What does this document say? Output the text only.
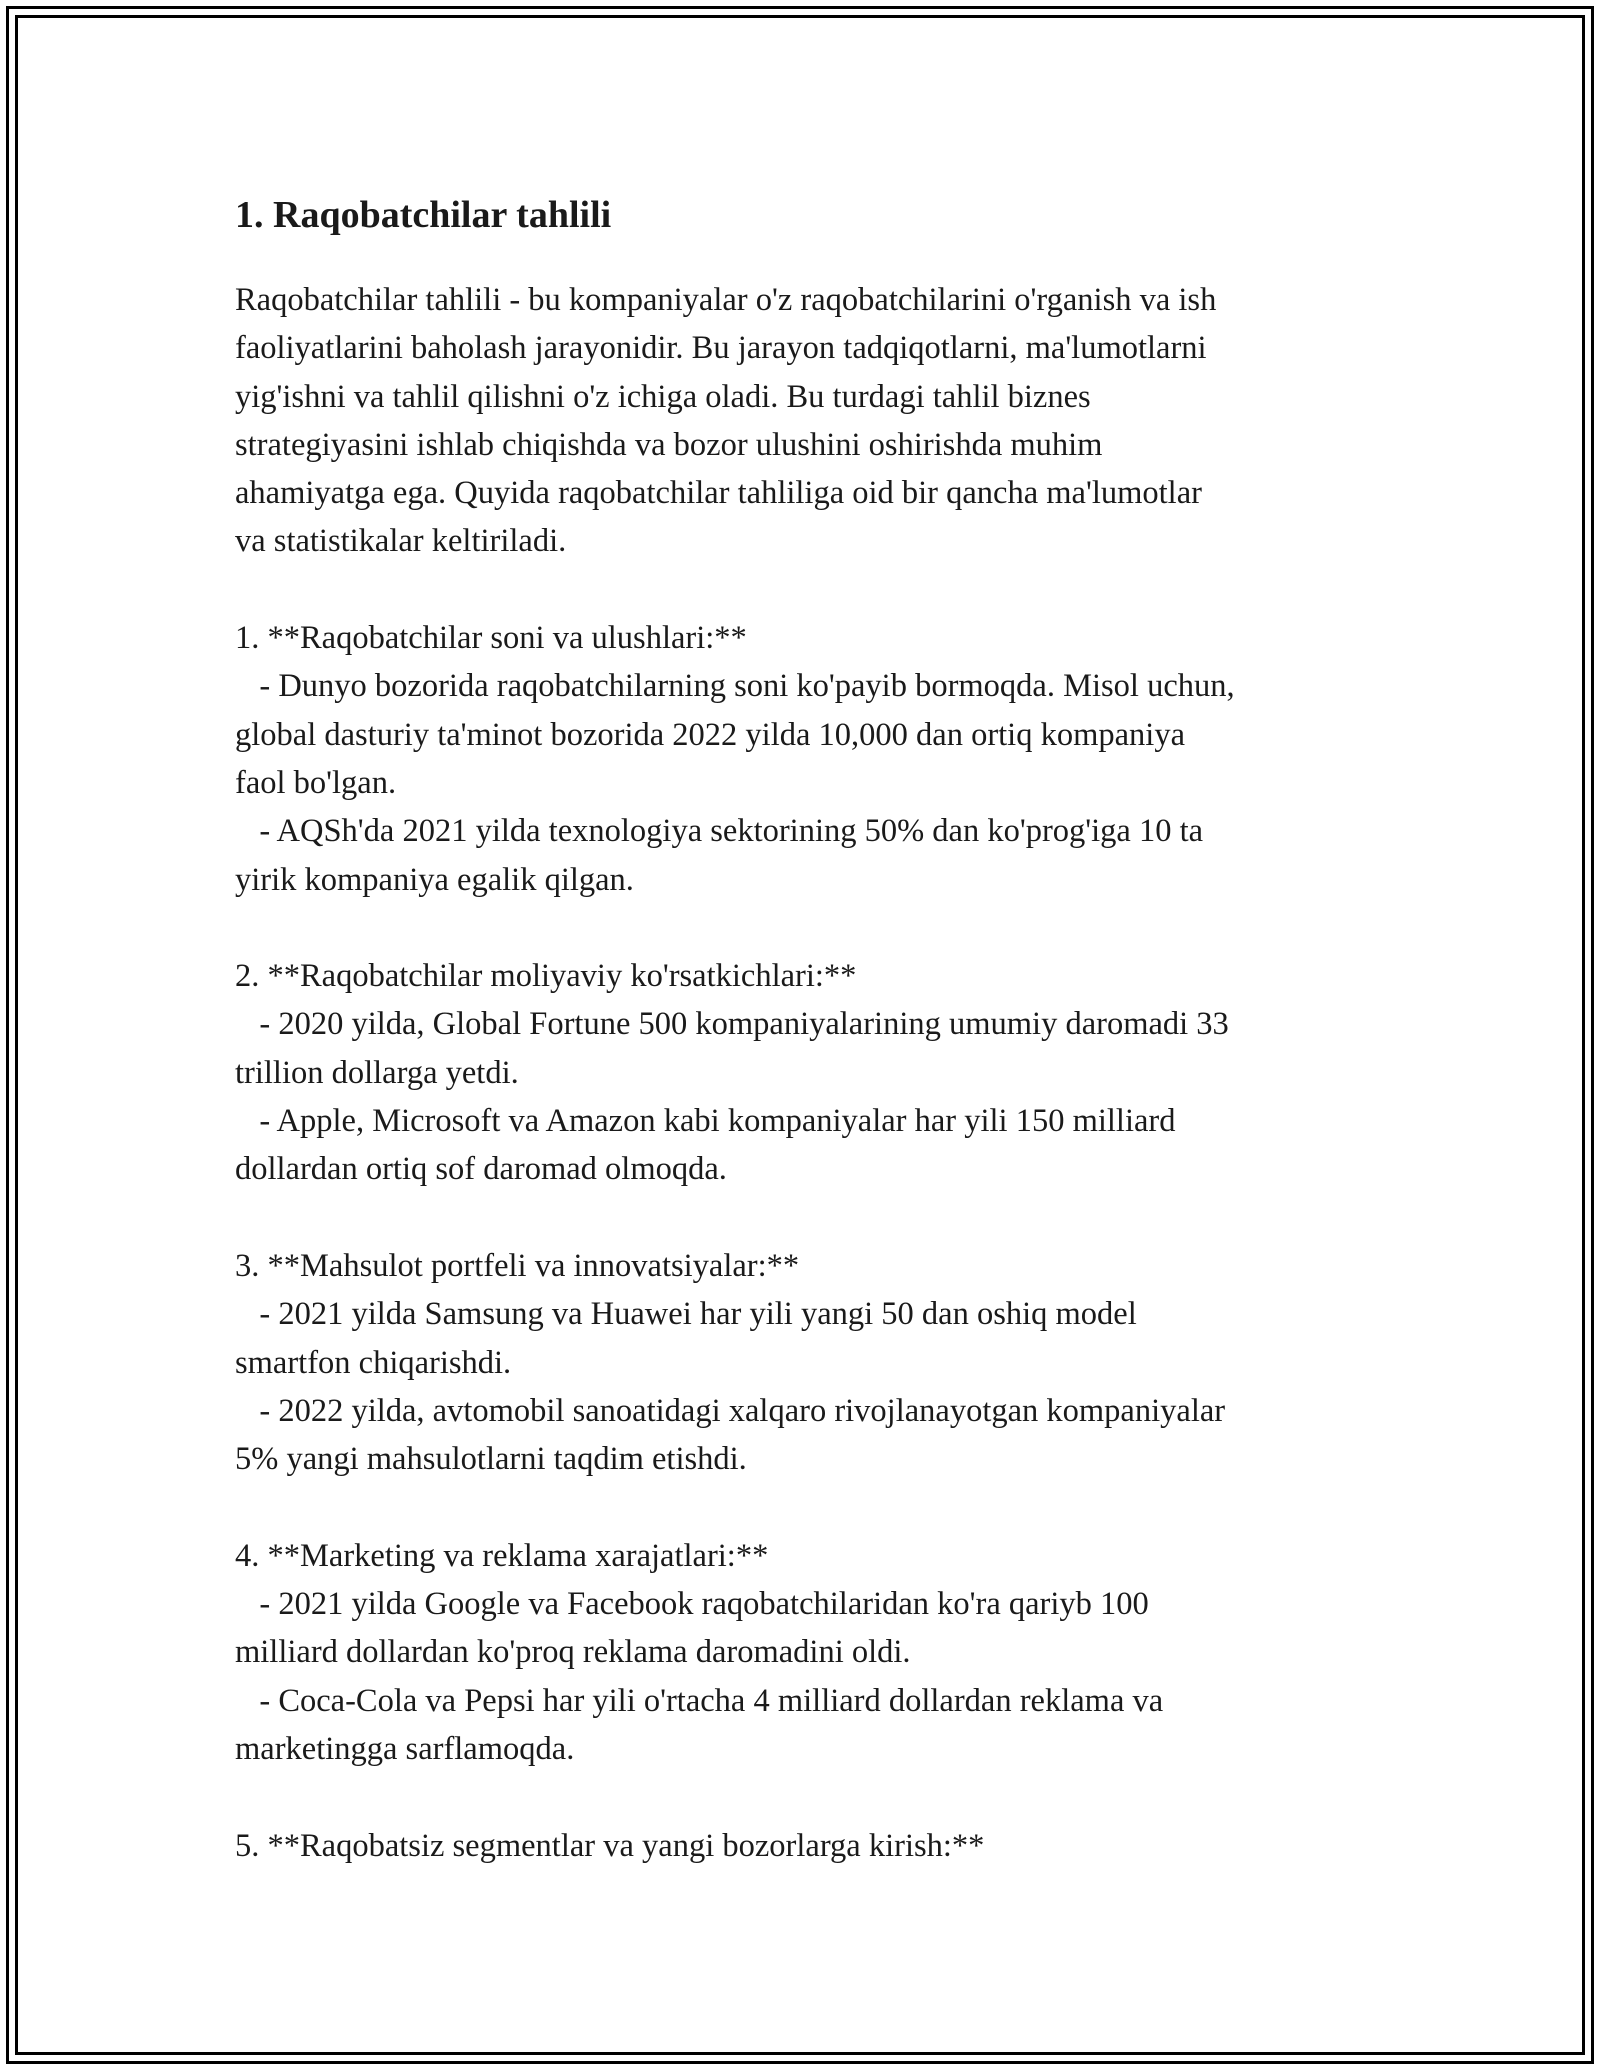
1. Raqobatchilar tahlili
Raqobatchilar tahlili - bu kompaniyalar o'z raqobatchilarini o'rganish va ish
faoliyatlarini baholash jarayonidir. Bu jarayon tadqiqotlarni, ma'lumotlarni
yig'ishni va tahlil qilishni o'z ichiga oladi. Bu turdagi tahlil biznes
strategiyasini ishlab chiqishda va bozor ulushini oshirishda muhim
ahamiyatga ega. Quyida raqobatchilar tahliliga oid bir qancha ma'lumotlar
va statistikalar keltiriladi.
1. **Raqobatchilar soni va ulushlari:**
- Dunyo bozorida raqobatchilarning soni ko'payib bormoqda. Misol uchun,
global dasturiy ta'minot bozorida 2022 yilda 10,000 dan ortiq kompaniya
faol bo'lgan.
- AQSh'da 2021 yilda texnologiya sektorining 50% dan ko'prog'iga 10 ta
yirik kompaniya egalik qilgan.
2. **Raqobatchilar moliyaviy ko'rsatkichlari:**
- 2020 yilda, Global Fortune 500 kompaniyalarining umumiy daromadi 33
trillion dollarga yetdi.
- Apple, Microsoft va Amazon kabi kompaniyalar har yili 150 milliard
dollardan ortiq sof daromad olmoqda.
3. **Mahsulot portfeli va innovatsiyalar:**
- 2021 yilda Samsung va Huawei har yili yangi 50 dan oshiq model
smartfon chiqarishdi.
- 2022 yilda, avtomobil sanoatidagi xalqaro rivojlanayotgan kompaniyalar
5% yangi mahsulotlarni taqdim etishdi.
4. **Marketing va reklama xarajatlari:**
- 2021 yilda Google va Facebook raqobatchilaridan ko'ra qariyb 100
milliard dollardan ko'proq reklama daromadini oldi.
- Coca-Cola va Pepsi har yili o'rtacha 4 milliard dollardan reklama va
marketingga sarflamoqda.
5. **Raqobatsiz segmentlar va yangi bozorlarga kirish:**
